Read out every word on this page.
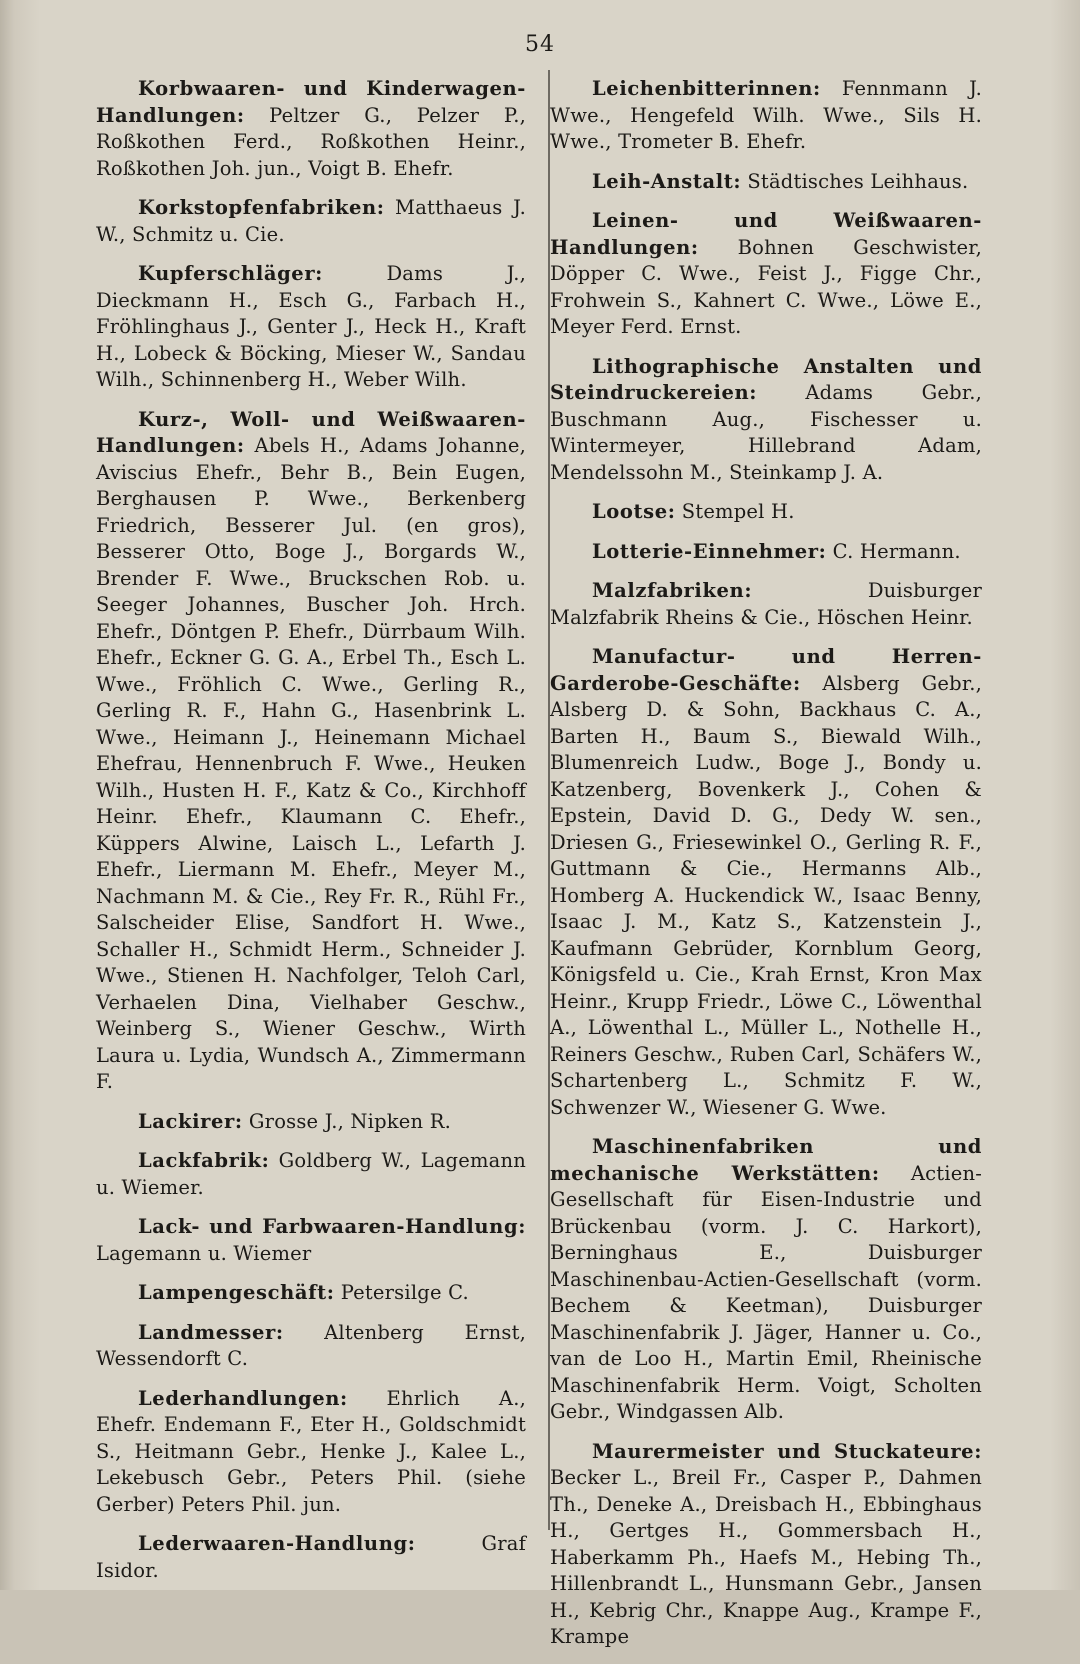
54
Korbwaaren- und Kinderwagen-Handlungen: Peltzer G., Pelzer P., Roßkothen Ferd., Roßkothen Heinr., Roßkothen Joh. jun., Voigt B. Ehefr.
Korkstopfenfabriken: Matthaeus J. W., Schmitz u. Cie.
Kupferschläger:	Dams J., Dieckmann H., Esch G., Farbach H., Fröhlinghaus J., Genter J., Heck H., Kraft H., Lobeck & Böcking, Mieser W., Sandau Wilh., Schinnenberg H., Weber Wilh.
Kurz-, Woll- und Weißwaaren-Handlungen: Abels H., Adams Johanne, Aviscius Ehefr., Behr B., Bein Eugen, Berghausen P. Wwe., Berkenberg Friedrich, Besserer Jul. (en gros), Besserer Otto, Boge J., Borgards W., Brender F. Wwe., Bruckschen Rob. u. Seeger Johannes, Buscher Joh. Hrch. Ehefr., Döntgen P. Ehefr., Dürrbaum Wilh. Ehefr., Eckner G. G. A., Erbel Th., Esch L. Wwe., Fröhlich C. Wwe., Gerling R., Gerling R. F., Hahn G., Hasenbrink L. Wwe., Heimann J., Heinemann Michael Ehefrau, Hennenbruch F. Wwe., Heuken Wilh., Husten H. F., Katz & Co., Kirchhoff Heinr. Ehefr., Klaumann C. Ehefr., Küppers Alwine, Laisch L., Lefarth J. Ehefr., Liermann M. Ehefr., Meyer M., Nachmann M. & Cie., Rey Fr. R., Rühl Fr., Salscheider Elise, Sandfort H. Wwe., Schaller H., Schmidt Herm., Schneider J. Wwe., Stienen H. Nachfolger, Teloh Carl, Verhaelen Dina, Vielhaber Geschw., Weinberg S., Wiener Geschw., Wirth Laura u. Lydia, Wundsch A., Zimmermann F.
Lackirer: Grosse J., Nipken R.
Lackfabrik: Goldberg W., Lagemann u. Wiemer.
Lack- und Farbwaaren-Handlung: Lagemann u. Wiemer
Lampengeschäft: Petersilge C.
Landmesser: Altenberg Ernst, Wessendorft C.
Lederhandlungen: Ehrlich A., Ehefr. Endemann F., Eter H., Goldschmidt S., Heitmann Gebr., Henke J., Kalee L., Lekebusch Gebr., Peters Phil. (siehe Gerber) Peters Phil. jun.
Lederwaaren-Handlung:	Graf Isidor.
Leichenbitterinnen: Fennmann J. Wwe., Hengefeld Wilh. Wwe., Sils H. Wwe., Trometer B. Ehefr.
Leih-Anstalt: Städtisches Leihhaus.
Leinen- und Weißwaaren-Handlungen: Bohnen Geschwister, Döpper C. Wwe., Feist J., Figge Chr., Frohwein S., Kahnert C. Wwe., Löwe E., Meyer Ferd. Ernst.
Lithographische Anstalten und Steindruckereien: Adams Gebr., Buschmann Aug., Fischesser u. Wintermeyer, Hillebrand Adam, Mendelssohn M., Steinkamp J. A.
Lootse: Stempel H.
Lotterie-Einnehmer: C. Hermann.
Malzfabriken:	Duisburger Malzfabrik Rheins & Cie., Höschen Heinr.
Manufactur- und Herren-Garderobe-Geschäfte: Alsberg Gebr., Alsberg D. & Sohn, Backhaus C. A., Barten H., Baum S., Biewald Wilh., Blumenreich Ludw., Boge J., Bondy u. Katzenberg, Bovenkerk J., Cohen & Epstein, David D. G., Dedy W. sen., Driesen G., Friesewinkel O., Gerling R. F., Guttmann & Cie., Hermanns Alb., Homberg A. Huckendick W., Isaac Benny, Isaac J. M., Katz S., Katzenstein J., Kaufmann Gebrüder, Kornblum Georg, Königsfeld u. Cie., Krah Ernst, Kron Max Heinr., Krupp Friedr., Löwe C., Löwenthal A., Löwenthal L., Müller L., Nothelle H., Reiners Geschw., Ruben Carl, Schäfers W., Schartenberg L., Schmitz F. W., Schwenzer W., Wiesener G. Wwe.
Maschinenfabriken und mechanische Werkstätten: Actien-Gesellschaft für Eisen-Industrie und Brückenbau (vorm. J. C. Harkort), Berninghaus E., Duisburger Maschinenbau-Actien-Gesellschaft (vorm. Bechem & Keetman), Duisburger Maschinenfabrik J. Jäger, Hanner u. Co., van de Loo H., Martin Emil, Rheinische Maschinenfabrik Herm. Voigt, Scholten Gebr., Windgassen Alb.
Maurermeister und Stuckateure: Becker L., Breil Fr., Casper P., Dahmen Th., Deneke A., Dreisbach H., Ebbinghaus H., Gertges H., Gommersbach H., Haberkamm Ph., Haefs M., Hebing Th., Hillenbrandt L., Hunsmann Gebr., Jansen H., Kebrig Chr., Knappe Aug., Krampe F., Krampe
